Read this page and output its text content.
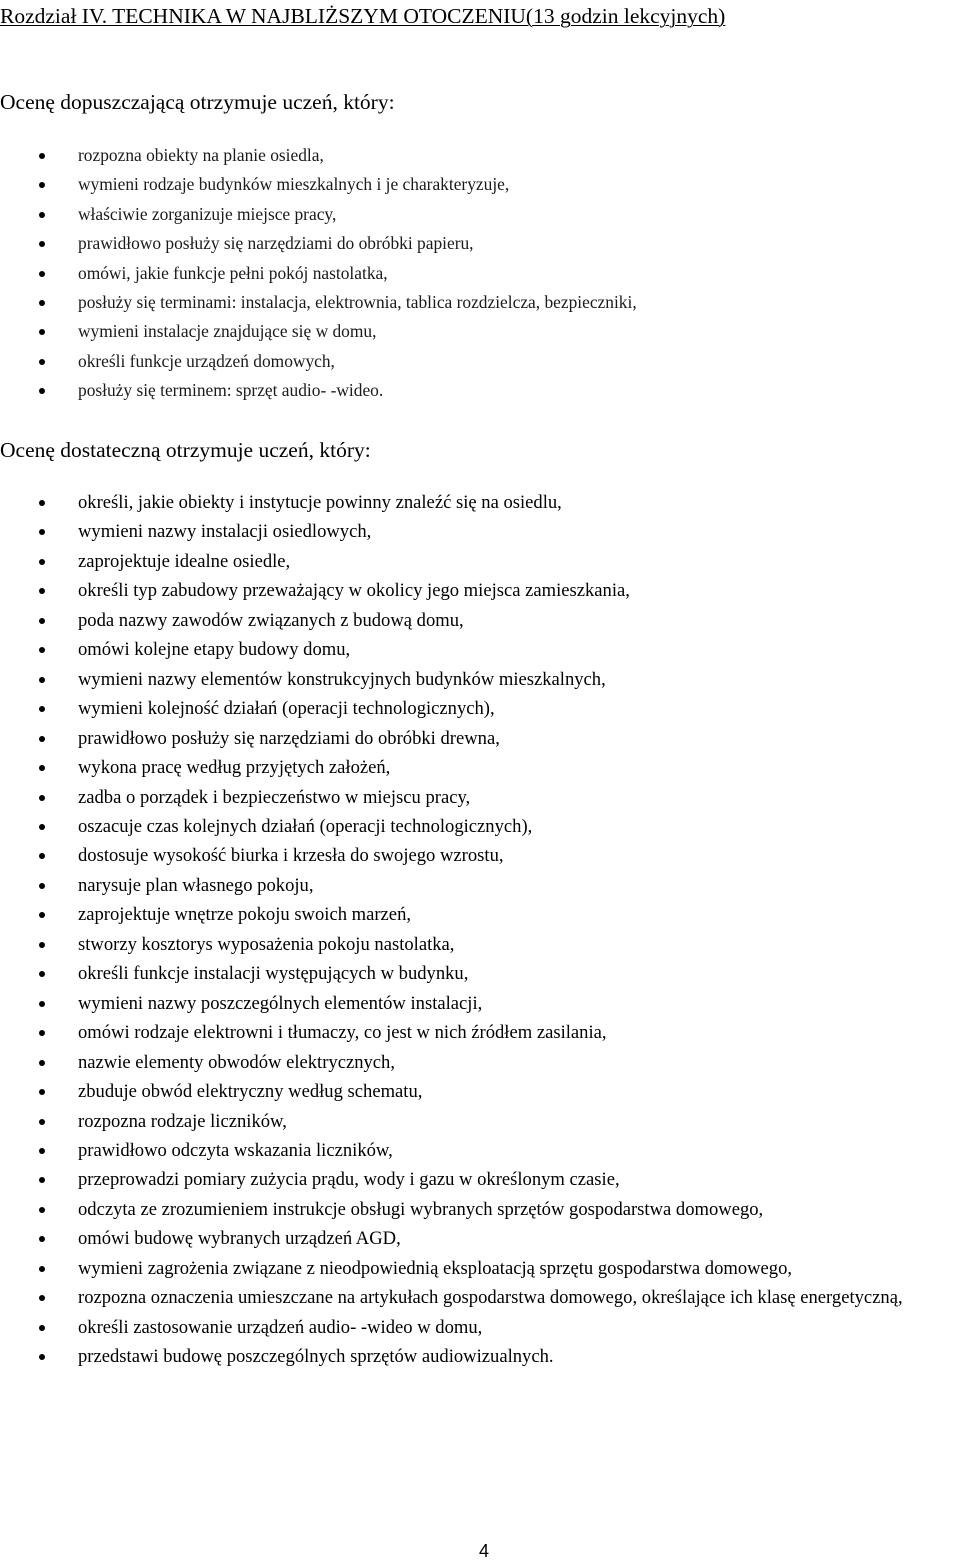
Rozdział IV. TECHNIKA W NAJBLIŻSZYM OTOCZENIU(13 godzin lekcyjnych)
Ocenę dopuszczającą otrzymuje uczeń, który:
rozpozna obiekty na planie osiedla,
wymieni rodzaje budynków mieszkalnych i je charakteryzuje,
właściwie zorganizuje miejsce pracy,
prawidłowo posłuży się narzędziami do obróbki papieru,
omówi, jakie funkcje pełni pokój nastolatka,
posłuży się terminami: instalacja, elektrownia, tablica rozdzielcza, bezpieczniki,
wymieni instalacje znajdujące się w domu,
określi funkcje urządzeń domowych,
posłuży się terminem: sprzęt audio- -wideo.
Ocenę dostateczną otrzymuje uczeń, który:
określi, jakie obiekty i instytucje powinny znaleźć się na osiedlu,
wymieni nazwy instalacji osiedlowych,
zaprojektuje idealne osiedle,
określi typ zabudowy przeważający w okolicy jego miejsca zamieszkania,
poda nazwy zawodów związanych z budową domu,
omówi kolejne etapy budowy domu,
wymieni nazwy elementów konstrukcyjnych budynków mieszkalnych,
wymieni kolejność działań (operacji technologicznych),
prawidłowo posłuży się narzędziami do obróbki drewna,
wykona pracę według przyjętych założeń,
zadba o porządek i bezpieczeństwo w miejscu pracy,
oszacuje czas kolejnych działań (operacji technologicznych),
dostosuje wysokość biurka i krzesła do swojego wzrostu,
narysuje plan własnego pokoju,
zaprojektuje wnętrze pokoju swoich marzeń,
stworzy kosztorys wyposażenia pokoju nastolatka,
określi funkcje instalacji występujących w budynku,
wymieni nazwy poszczególnych elementów instalacji,
omówi rodzaje elektrowni i tłumaczy, co jest w nich źródłem zasilania,
nazwie elementy obwodów elektrycznych,
zbuduje obwód elektryczny według schematu,
rozpozna rodzaje liczników,
prawidłowo odczyta wskazania liczników,
przeprowadzi pomiary zużycia prądu, wody i gazu w określonym czasie,
odczyta ze zrozumieniem instrukcje obsługi wybranych sprzętów gospodarstwa domowego,
omówi budowę wybranych urządzeń AGD,
wymieni zagrożenia związane z nieodpowiednią eksploatacją sprzętu gospodarstwa domowego,
rozpozna oznaczenia umieszczane na artykułach gospodarstwa domowego, określające ich klasę energetyczną,
określi zastosowanie urządzeń audio- -wideo w domu,
przedstawi budowę poszczególnych sprzętów audiowizualnych.
4
